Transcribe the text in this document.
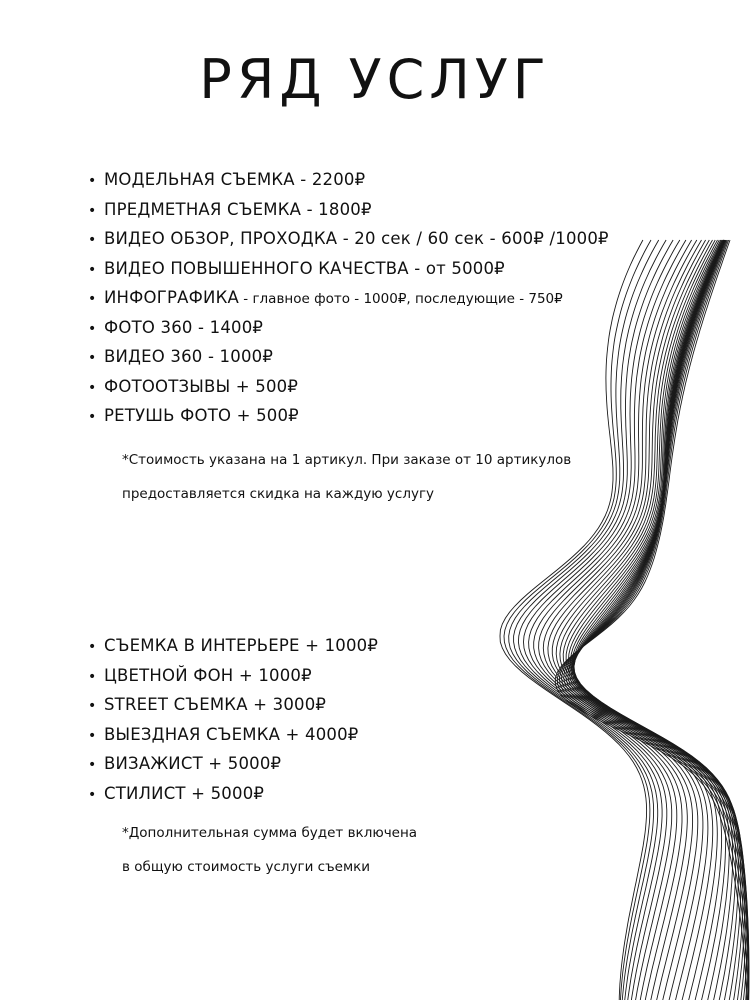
РЯД УСЛУГ
• МОДЕЛЬНАЯ СЪЕМКА - 2200₽
• ПРЕДМЕТНАЯ СЪЕМКА - 1800₽
• ВИДЕО ОБЗОР, ПРОХОДКА - 20 сек / 60 сек - 600₽ /1000₽
• ВИДЕО ПОВЫШЕННОГО КАЧЕСТВА - от 5000₽
• ИНФОГРАФИКА - главное фото - 1000₽, последующие - 750₽
• ФОТО 360 - 1400₽
• ВИДЕО 360 - 1000₽
• ФОТООТЗЫВЫ + 500₽
• РЕТУШЬ ФОТО + 500₽
*Стоимость указана на 1 артикул. При заказе от 10 артикулов
предоставляется скидка на каждую услугу
• СЪЕМКА В ИНТЕРЬЕРЕ + 1000₽
• ЦВЕТНОЙ ФОН + 1000₽
• STREET СЪЕМКА + 3000₽
• ВЫЕЗДНАЯ СЪЕМКА + 4000₽
• ВИЗАЖИСТ + 5000₽
• СТИЛИСТ + 5000₽
*Дополнительная сумма будет включена
в общую стоимость услуги съемки
